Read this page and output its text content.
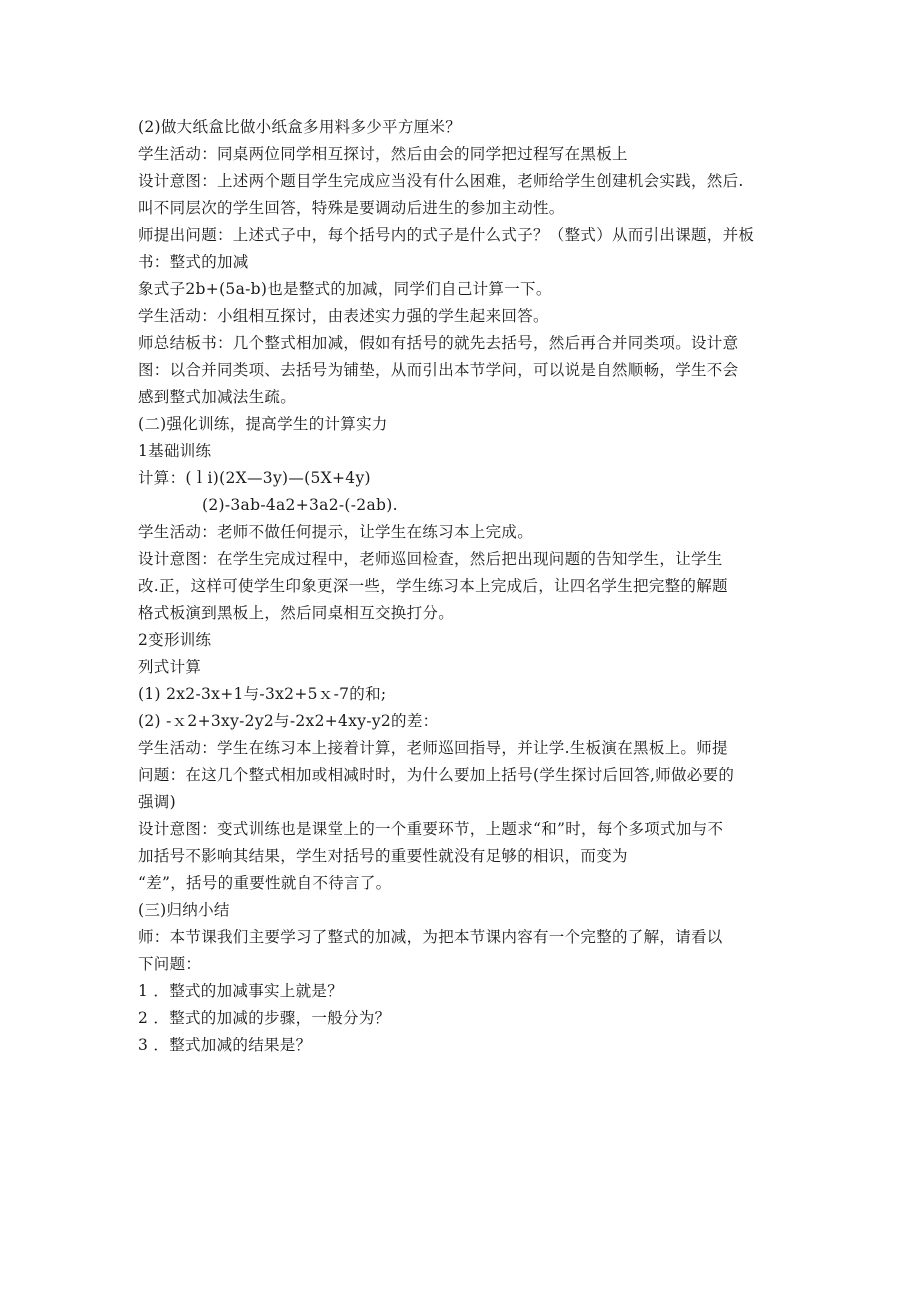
(2)做大纸盒比做小纸盒多用料多少平方厘米？
学生活动：同桌两位同学相互探讨，然后由会的同学把过程写在黑板上
设计意图：上述两个题目学生完成应当没有什么困难，老师给学生创建机会实践，然后.
叫不同层次的学生回答，特殊是要调动后进生的参加主动性。
师提出问题：上述式子中，每个括号内的式子是什么式子？（整式）从而引出课题，并板
书：整式的加减
象式子2b+(5a-b)也是整式的加减，同学们自己计算一下。
学生活动：小组相互探讨，由表述实力强的学生起来回答。
师总结板书：几个整式相加减，假如有括号的就先去括号，然后再合并同类项。设计意
图：以合并同类项、去括号为铺垫，从而引出本节学问，可以说是自然顺畅，学生不会
感到整式加减法生疏。
(二)强化训练，提高学生的计算实力
1基础训练
计算：(ｌi)(2X—3y)—(5X+4y)
(2)-3ab-4a2+3a2-(-2ab).
学生活动：老师不做任何提示，让学生在练习本上完成。
设计意图：在学生完成过程中，老师巡回检查，然后把出现问题的告知学生，让学生
改.正，这样可使学生印象更深一些，学生练习本上完成后，让四名学生把完整的解题
格式板演到黑板上，然后同桌相互交换打分。
2变形训练
列式计算
(1) 2x2-3x+1与-3x2+5ｘ-7的和;
(2) -ｘ2+3xy-2y2与-2x2+4xy-y2的差：
学生活动：学生在练习本上接着计算，老师巡回指导，并让学.生板演在黑板上。师提
问题：在这几个整式相加或相减时时，为什么要加上括号(学生探讨后回答,师做必要的
强调)
设计意图：变式训练也是课堂上的一个重要环节，上题求“和”时，每个多项式加与不
加括号不影响其结果，学生对括号的重要性就没有足够的相识，而变为
“差”，括号的重要性就自不待言了。
(三)归纳小结
师：本节课我们主要学习了整式的加减，为把本节课内容有一个完整的了解，请看以
下问题：
1 ．整式的加减事实上就是？
2 ．整式的加减的步骤，一般分为？
3 ．整式加减的结果是？
